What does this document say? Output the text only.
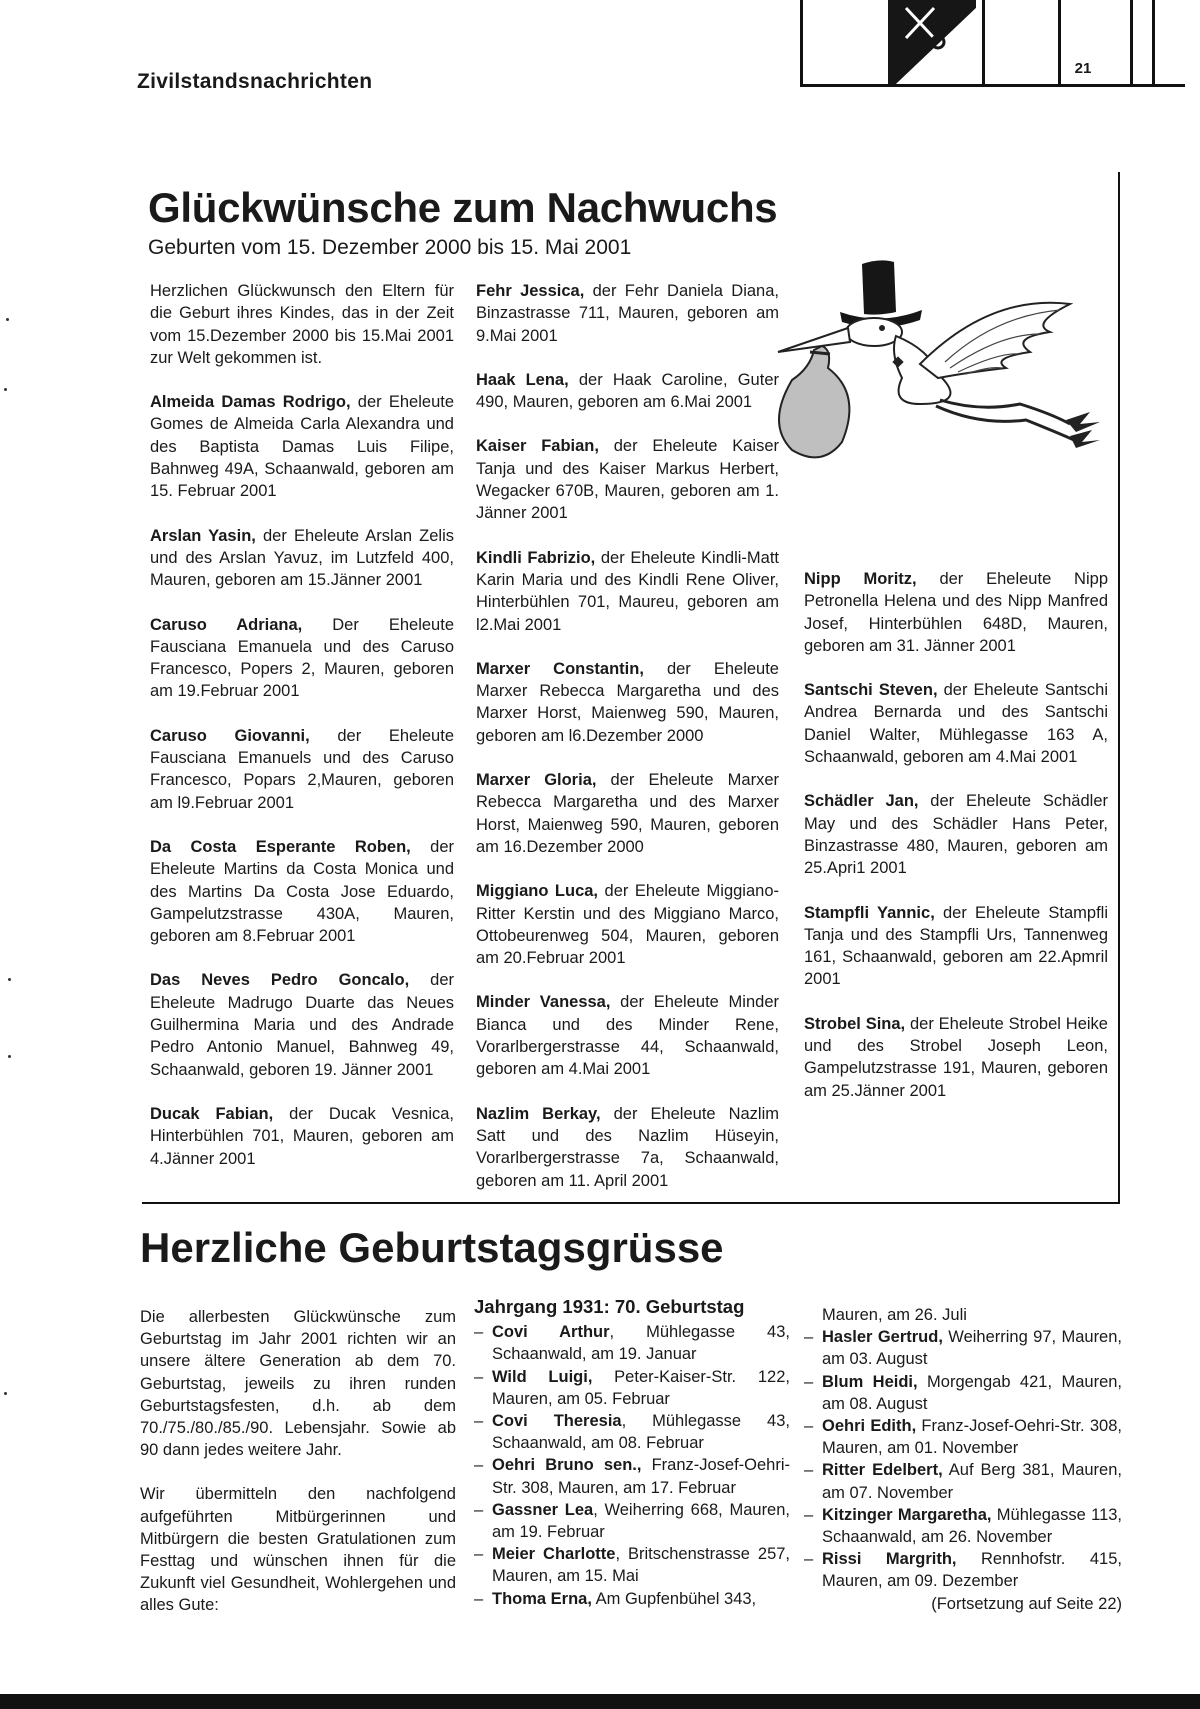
21
Zivilstandsnachrichten
Glückwünsche zum Nachwuchs

Geburten vom 15. Dezember 2000 bis 15. Mai 2001

Herzlichen Glückwunsch den Eltern für die Geburt ihres Kindes, das in der Zeit vom 15.Dezember 2000 bis 15.Mai 2001 zur Welt gekommen ist.

Almeida Damas Rodrigo, der Eheleute Gomes de Almeida Carla Alexandra und des Baptista Damas Luis Filipe, Bahnweg 49A, Schaanwald, geboren am 15. Februar 2001

Arslan Yasin, der Eheleute Arslan Zelis und des Arslan Yavuz, im Lutzfeld 400, Mauren, geboren am 15.Jänner 2001

Caruso Adriana, Der Eheleute Fausciana Emanuela und des Caruso Francesco, Popers 2, Mauren, geboren am 19.Februar 2001

Caruso Giovanni, der Eheleute Fausciana Emanuels und des Caruso Francesco, Popars 2,Mauren, geboren am l9.Februar 2001

Da Costa Esperante Roben, der Eheleute Martins da Costa Monica und des Martins Da Costa Jose Eduardo, Gampelutzstrasse 430A, Mauren, geboren am 8.Februar 2001

Das Neves Pedro Goncalo, der Eheleute Madrugo Duarte das Neues Guilhermina Maria und des Andrade Pedro Antonio Manuel, Bahnweg 49, Schaanwald, geboren 19. Jänner 2001

Ducak Fabian, der Ducak Vesnica, Hinterbühlen 701, Mauren, geboren am 4.Jänner 2001

Fehr Jessica, der Fehr Daniela Diana, Binzastrasse 711, Mauren, geboren am 9.Mai 2001

Haak Lena, der Haak Caroline, Guter 490, Mauren, geboren am 6.Mai 2001

Kaiser Fabian, der Eheleute Kaiser Tanja und des Kaiser Markus Herbert, Wegacker 670B, Mauren, geboren am 1. Jänner 2001

Kindli Fabrizio, der Eheleute Kindli-Matt Karin Maria und des Kindli Rene Oliver, Hinterbühlen 701, Maureu, geboren am l2.Mai 2001

Marxer Constantin, der Eheleute Marxer Rebecca Margaretha und des Marxer Horst, Maienweg 590, Mauren, geboren am l6.Dezember 2000

Marxer Gloria, der Eheleute Marxer Rebecca Margaretha und des Marxer Horst, Maienweg 590, Mauren, geboren am 16.Dezember 2000

Miggiano Luca, der Eheleute Miggiano- Ritter Kerstin und des Miggiano Marco, Ottobeurenweg 504, Mauren, geboren am 20.Februar 2001

Minder Vanessa, der Eheleute Minder Bianca und des Minder Rene, Vorarlbergerstrasse 44, Schaanwald, geboren am 4.Mai 2001

Nazlim Berkay, der Eheleute Nazlim Satt und des Nazlim Hüseyin, Vorarlbergerstrasse 7a, Schaanwald, geboren am 11. April 2001

Nipp Moritz, der Eheleute Nipp Petronella Helena und des Nipp Manfred Josef, Hinterbühlen 648D, Mauren, geboren am 31. Jänner 2001

Santschi Steven, der Eheleute Santschi Andrea Bernarda und des Santschi Daniel Walter, Mühlegasse 163 A, Schaanwald, geboren am 4.Mai 2001

Schädler Jan, der Eheleute Schädler May und des Schädler Hans Peter, Binzastrasse 480, Mauren, geboren am 25.Apri1 2001

Stampfli Yannic, der Eheleute Stampfli Tanja und des Stampfli Urs, Tannenweg 161, Schaanwald, geboren am 22.Apmril 2001

Strobel Sina, der Eheleute Strobel Heike und des Strobel Joseph Leon, Gampelutzstrasse 191, Mauren, geboren am 25.Jänner 2001

Herzliche Geburtstagsgrüsse

Die allerbesten Glückwünsche zum Geburtstag im Jahr 2001 richten wir an unsere ältere Generation ab dem 70. Geburtstag, jeweils zu ihren runden Geburtstagsfesten, d.h. ab dem 70./75./80./85./90. Lebensjahr. Sowie ab 90 dann jedes weitere Jahr.

Wir übermitteln den nachfolgend aufgeführten Mitbürgerinnen und Mitbürgern die besten Gratulationen zum Festtag und wünschen ihnen für die Zukunft viel Gesundheit, Wohlergehen und alles Gute:

Jahrgang 1931: 70. Geburtstag
– Covi Arthur, Mühlegasse 43, Schaanwald, am 19. Januar
– Wild Luigi, Peter-Kaiser-Str. 122, Mauren, am 05. Februar
– Covi Theresia, Mühlegasse 43, Schaanwald, am 08. Februar
– Oehri Bruno sen., Franz-Josef-Oehri-Str. 308, Mauren, am 17. Februar
– Gassner Lea, Weiherring 668, Mauren, am 19. Februar
– Meier Charlotte, Britschenstrasse 257, Mauren, am 15. Mai
– Thoma Erna, Am Gupfenbühel 343,
Mauren, am 26. Juli
– Hasler Gertrud, Weiherring 97, Mauren, am 03. August
– Blum Heidi, Morgengab 421, Mauren, am 08. August
– Oehri Edith, Franz-Josef-Oehri-Str. 308, Mauren, am 01. November
– Ritter Edelbert, Auf Berg 381, Mauren, am 07. November
– Kitzinger Margaretha, Mühlegasse 113, Schaanwald, am 26. November
– Rissi Margrith, Rennhofstr. 415, Mauren, am 09. Dezember
(Fortsetzung auf Seite 22)
